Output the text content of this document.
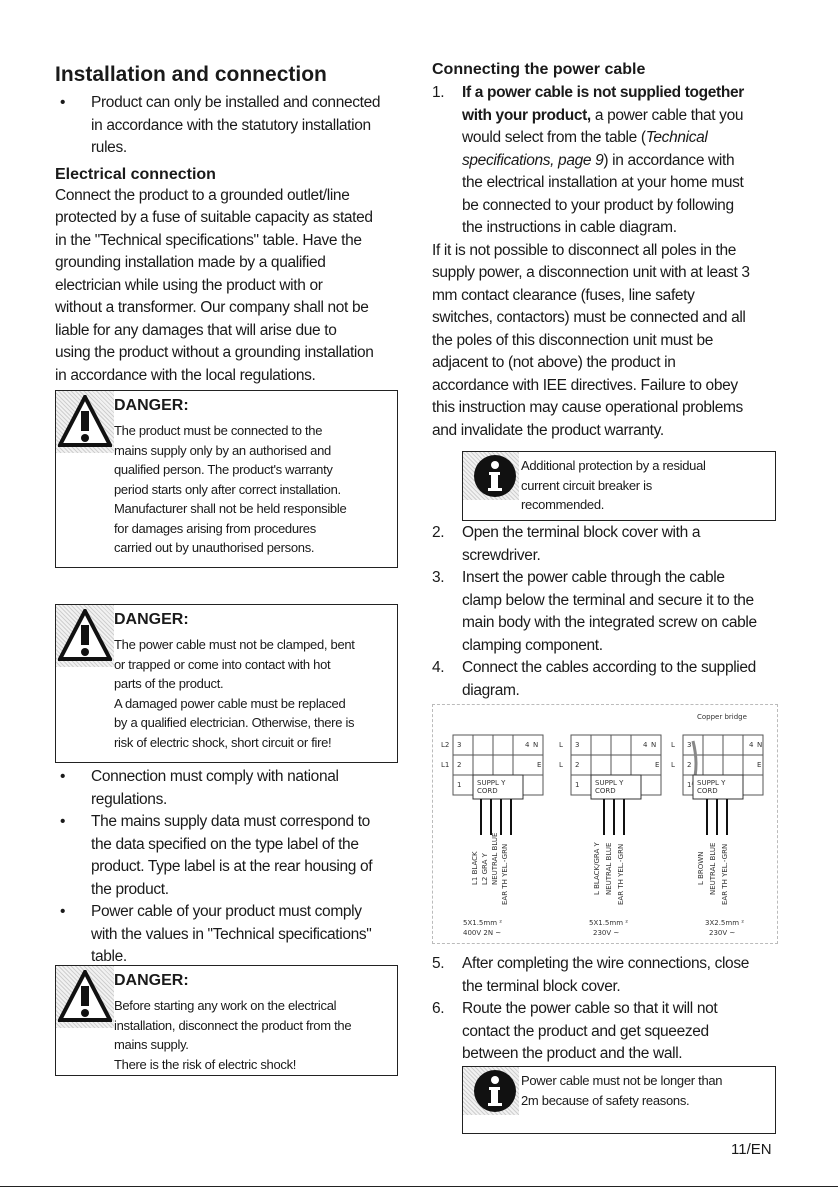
Installation and connection
• Product can only be installed and connected
in accordance with the statutory installation
rules.
Electrical connection
Connect the product to a grounded outlet/line
protected by a fuse of suitable capacity as stated
in the "Technical specifications" table. Have the
grounding installation made by a qualified
electrician while using the product with or
without a transformer. Our company shall not be
liable for any damages that will arise due to
using the product without a grounding installation
in accordance with the local regulations.
DANGER:
The product must be connected to the
mains supply only by an authorised and
qualified person. The product's warranty
period starts only after correct installation.
Manufacturer shall not be held responsible
for damages arising from procedures
carried out by unauthorised persons.
DANGER:
The power cable must not be clamped, bent
or trapped or come into contact with hot
parts of the product.
A damaged power cable must be replaced
by a qualified electrician. Otherwise, there is
risk of electric shock, short circuit or fire!
• Connection must comply with national
regulations.
• The mains supply data must correspond to
the data specified on the type label of the
product. Type label is at the rear housing of
the product.
• Power cable of your product must comply
with the values in "Technical specifications"
table.
DANGER:
Before starting any work on the electrical
installation, disconnect the product from the
mains supply.
There is the risk of electric shock!
Connecting the power cable
1. If a power cable is not supplied together
with your product, a power cable that you
would select from the table (Technical
specifications, page 9) in accordance with
the electrical installation at your home must
be connected to your product by following
the instructions in cable diagram.
If it is not possible to disconnect all poles in the
supply power, a disconnection unit with at least 3
mm contact clearance (fuses, line safety
switches, contactors) must be connected and all
the poles of this disconnection unit must be
adjacent to (not above) the product in
accordance with IEE directives. Failure to obey
this instruction may cause operational problems
and invalidate the product warranty.
Additional protection by a residual
current circuit breaker is
recommended.
2. Open the terminal block cover with a
screwdriver.
3. Insert the power cable through the cable
clamp below the terminal and secure it to the
main body with the integrated screw on cable
clamping component.
4. Connect the cables according to the supplied
diagram.
L2 3	4 N
L1 2	E
1 SUPPL Y
CORD
L1 BLACK L2 GRA Y NEUTRAL BLUE EAR TH YEL.-GRN
5X1.5mm ²
400V 2N ~
L 3	4 N
L 2	E
1 SUPPL Y
CORD
L BLACK/GRA Y NEUTRAL BLUE EAR TH YEL.-GRN
5X1.5mm ²
230V ~
Copper bridge
L 3	4 N
L 2	E
1 SUPPL Y
CORD
L BROWN NEUTRAL BLUE EAR TH YEL.-GRN
3X2.5mm ²
230V ~
5. After completing the wire connections, close
the terminal block cover.
6. Route the power cable so that it will not
contact the product and get squeezed
between the product and the wall.
Power cable must not be longer than
2m because of safety reasons.
11/EN
